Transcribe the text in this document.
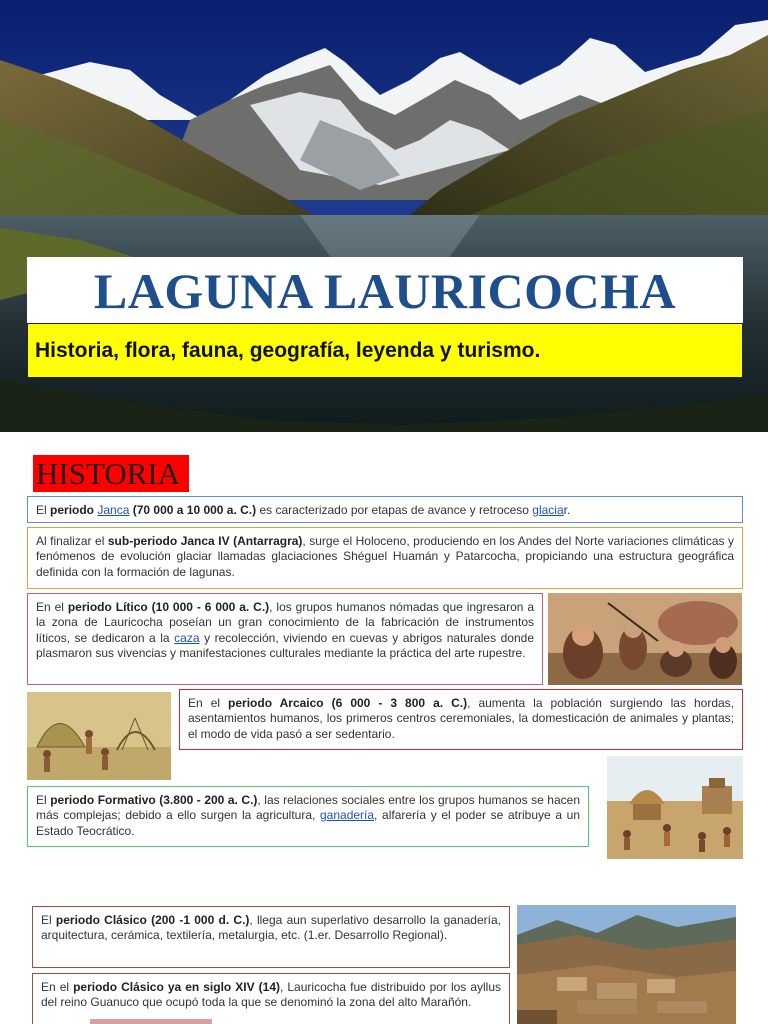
LAGUNA LAURICOCHA
Historia, flora, fauna, geografía, leyenda y turismo.
HISTORIA
El periodo Janca (70 000 a 10 000 a. C.) es caracterizado por etapas de avance y retroceso glaciar.
Al finalizar el sub-periodo Janca IV (Antarragra), surge el Holoceno, produciendo en los Andes del Norte variaciones climáticas y fenómenos de evolución glaciar llamadas glaciaciones Shéguel Huamán y Patarcocha, propiciando una estructura geográfica definida con la formación de lagunas.
En el periodo Lítico (10 000 - 6 000 a. C.), los grupos humanos nómadas que ingresaron a la zona de Lauricocha poseían un gran conocimiento de la fabricación de instrumentos líticos, se dedicaron a la caza y recolección, viviendo en cuevas y abrigos naturales donde plasmaron sus vivencias y manifestaciones culturales mediante la práctica del arte rupestre.
En el periodo Arcaico (6 000 - 3 800 a. C.), aumenta la población surgiendo las hordas, asentamientos humanos, los primeros centros ceremoniales, la domesticación de animales y plantas; el modo de vida pasó a ser sedentario.
El periodo Formativo (3.800 - 200 a. C.), las relaciones sociales entre los grupos humanos se hacen más complejas; debido a ello surgen la agricultura, ganadería, alfarería y el poder se atribuye a un Estado Teocrático.
El periodo Clásico (200 -1 000 d. C.), llega aun superlativo desarrollo la ganadería, arquitectura, cerámica, textilería, metalurgia, etc. (1.er. Desarrollo Regional).
En el periodo Clásico ya en siglo XIV (14), Lauricocha fue distribuido por los ayllus del reino Guanuco que ocupó toda la que se denominó la zona del alto Marañón.
